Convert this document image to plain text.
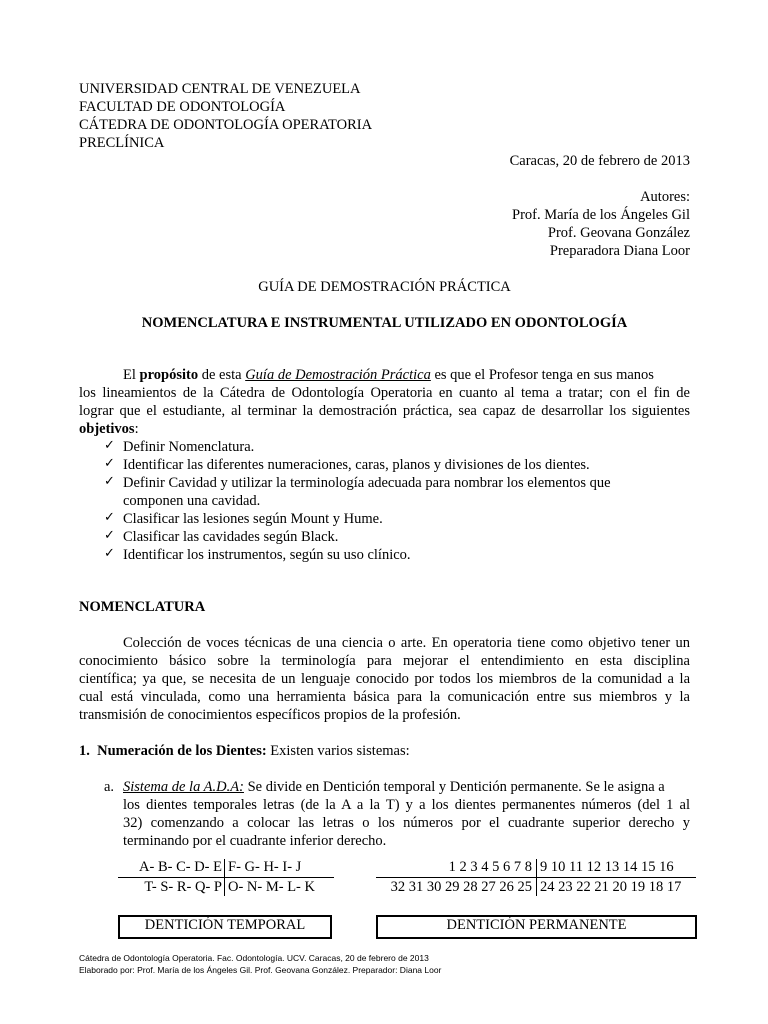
UNIVERSIDAD CENTRAL DE VENEZUELA
FACULTAD DE ODONTOLOGÍA
CÁTEDRA DE ODONTOLOGÍA OPERATORIA
PRECLÍNICA
Caracas, 20 de febrero de 2013
Autores:
Prof. María de los Ángeles Gil
Prof. Geovana González
Preparadora Diana Loor
GUÍA DE DEMOSTRACIÓN PRÁCTICA
NOMENCLATURA E INSTRUMENTAL UTILIZADO EN ODONTOLOGÍA
El propósito de esta Guía de Demostración Práctica es que el Profesor tenga en sus manos
los lineamientos de la Cátedra de Odontología Operatoria en cuanto al tema a tratar; con el fin de
lograr que el estudiante, al terminar la demostración práctica, sea capaz de desarrollar los siguientes
objetivos:
✓ Definir Nomenclatura.
✓ Identificar las diferentes numeraciones, caras, planos y divisiones de los dientes.
✓ Definir Cavidad y utilizar la terminología adecuada para nombrar los elementos que
componen una cavidad.
✓ Clasificar las lesiones según Mount y Hume.
✓ Clasificar las cavidades según Black.
✓ Identificar los instrumentos, según su uso clínico.
NOMENCLATURA
Colección de voces técnicas de una ciencia o arte. En operatoria tiene como objetivo tener un
conocimiento básico sobre la terminología para mejorar el entendimiento en esta disciplina
científica; ya que, se necesita de un lenguaje conocido por todos los miembros de la comunidad a la
cual está vinculada, como una herramienta básica para la comunicación entre sus miembros y la
transmisión de conocimientos específicos propios de la profesión.
1. Numeración de los Dientes: Existen varios sistemas:
a. Sistema de la A.D.A: Se divide en Dentición temporal y Dentición permanente. Se le asigna a
los dientes temporales letras (de la A a la T) y a los dientes permanentes números (del 1 al
32) comenzando a colocar las letras o los números por el cuadrante superior derecho y
terminando por el cuadrante inferior derecho.
A- B- C- D- E F- G- H- I- J
T- S- R- Q- P O- N- M- L- K
1 2 3 4 5 6 7 8 9 10 11 12 13 14 15 16
32 31 30 29 28 27 26 25 24 23 22 21 20 19 18 17
DENTICIÓN TEMPORAL	DENTICIÓN PERMANENTE
Cátedra de Odontología Operatoria. Fac. Odontología. UCV. Caracas, 20 de febrero de 2013
Elaborado por: Prof. María de los Ángeles Gil. Prof. Geovana González. Preparador: Diana Loor
